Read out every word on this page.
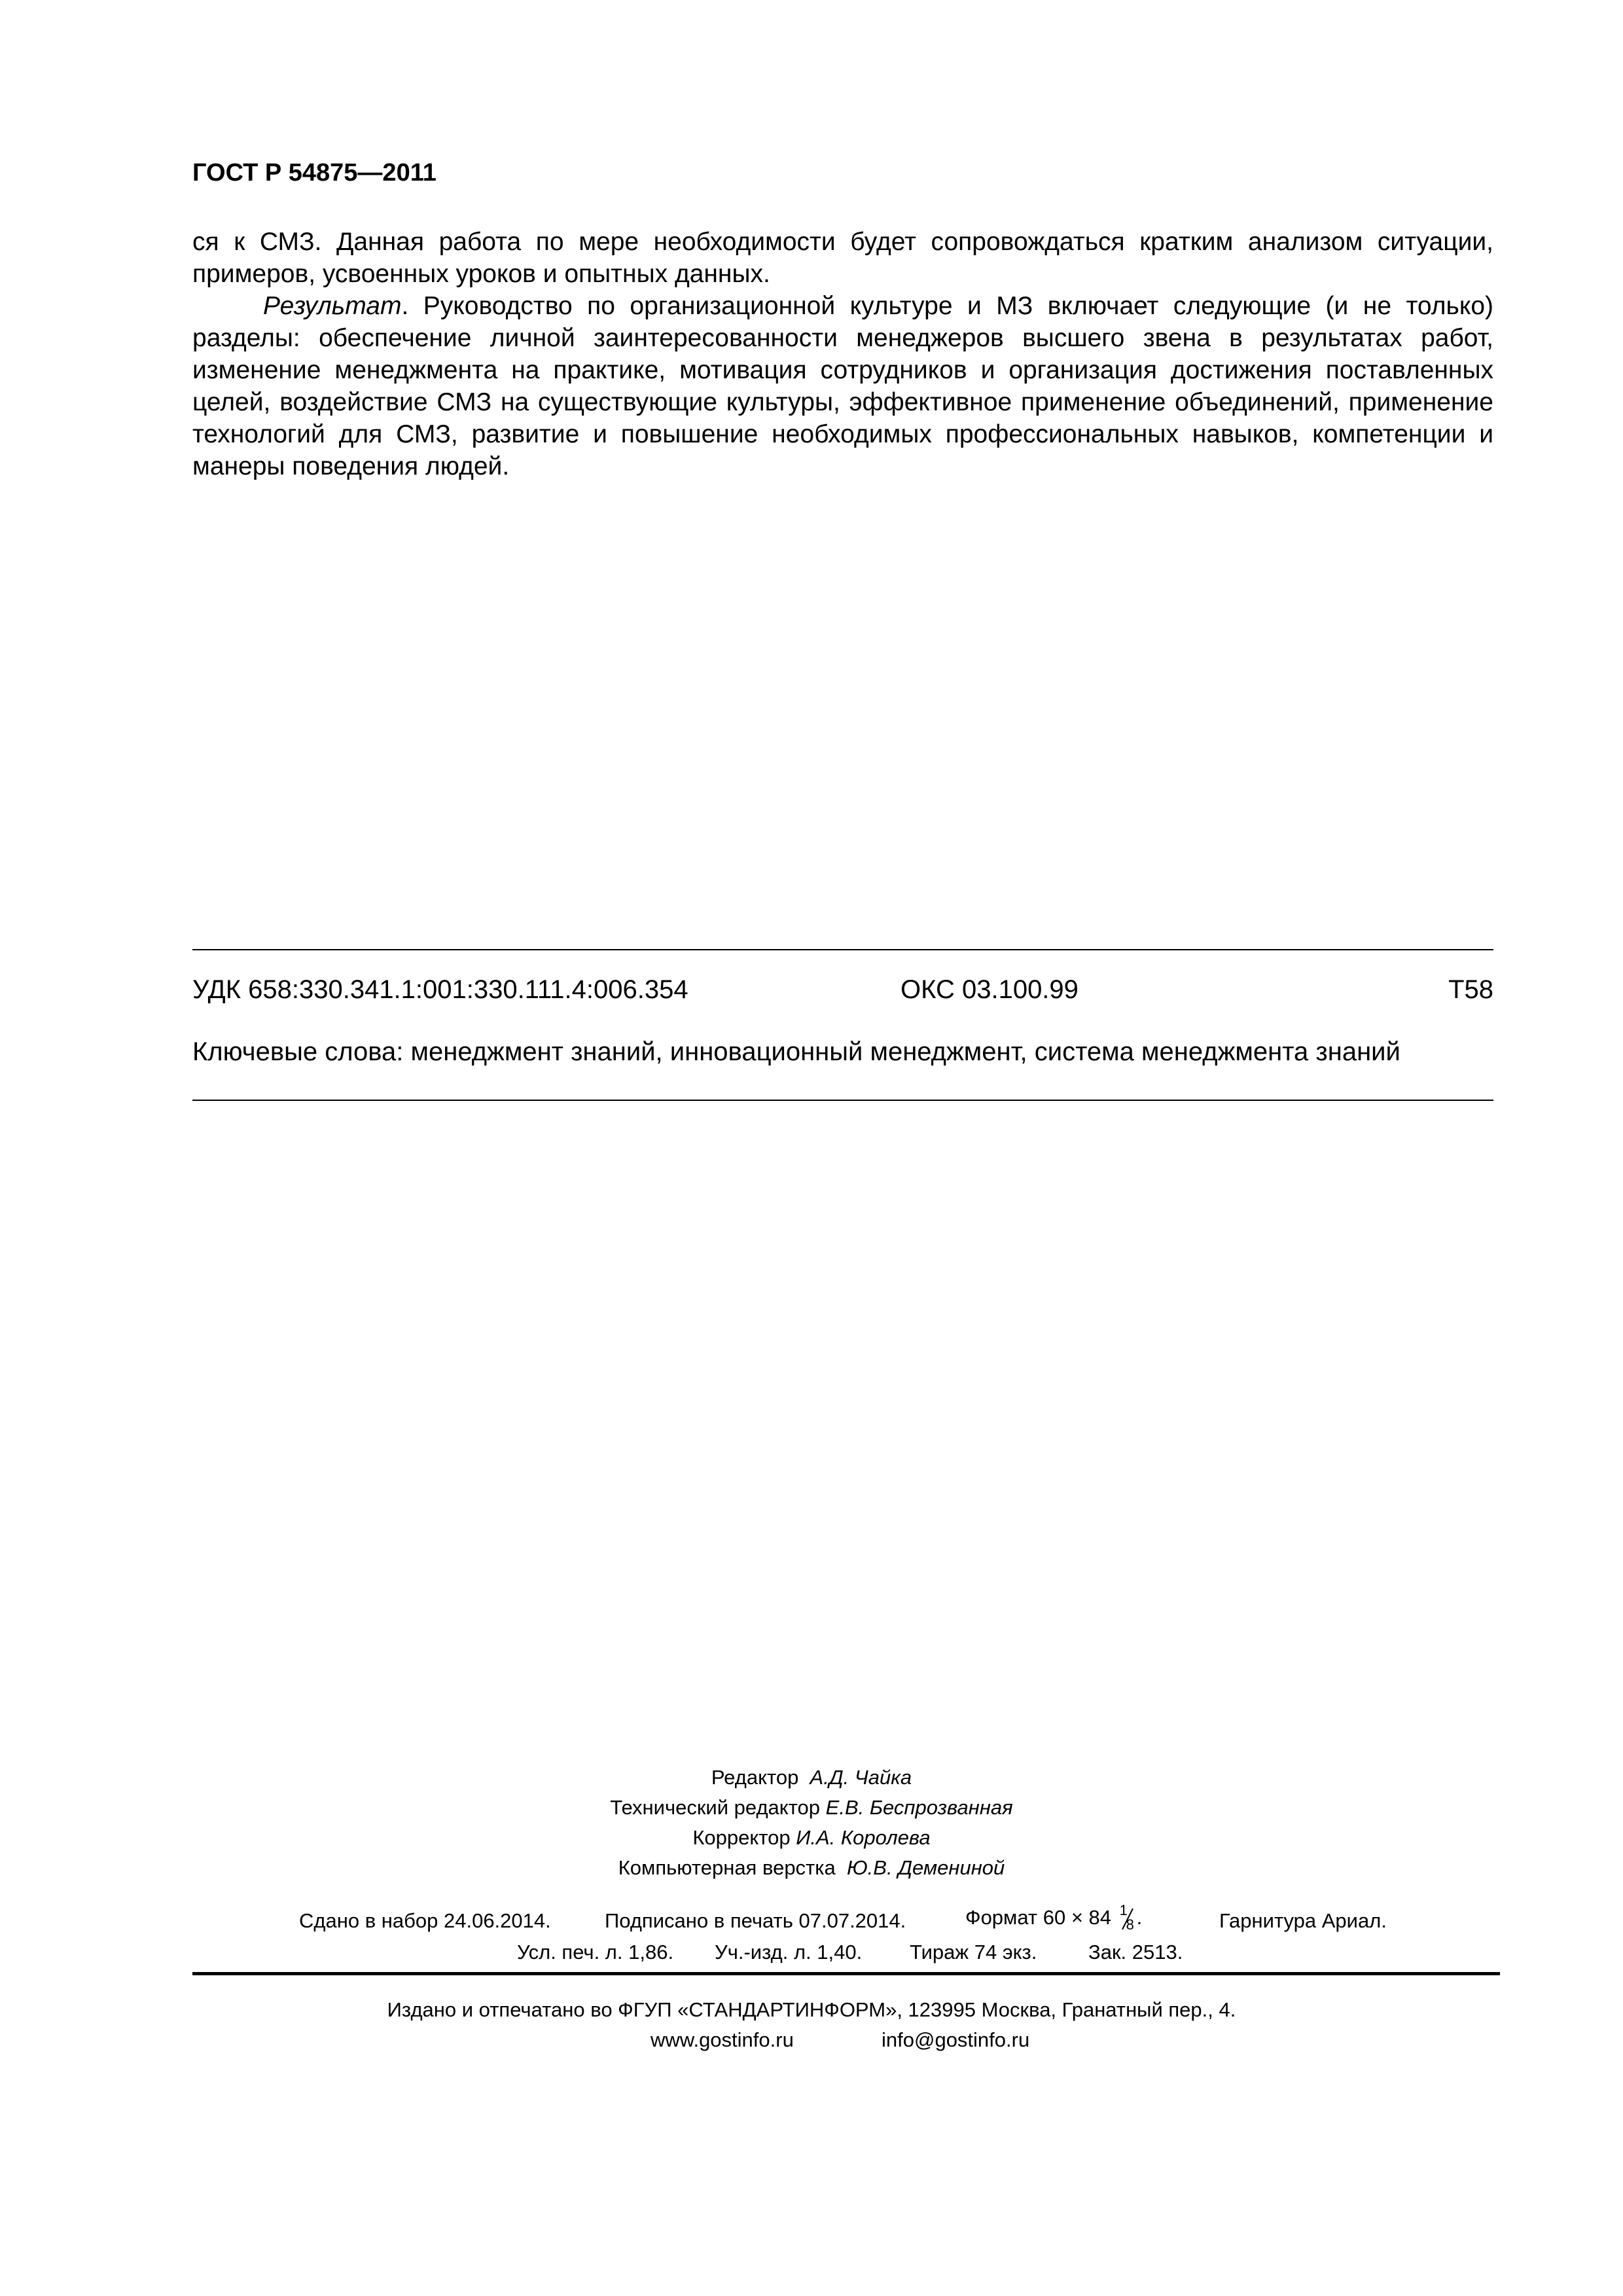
ГОСТ Р 54875—2011

ся к СМЗ. Данная работа по мере необходимости будет сопровождаться кратким анализом ситуации, примеров, усвоенных уроков и опытных данных.

Результат. Руководство по организационной культуре и МЗ включает следующие (и не только) разделы: обеспечение личной заинтересованности менеджеров высшего звена в результатах работ, изменение менеджмента на практике, мотивация сотрудников и организация достижения поставленных целей, воздействие СМЗ на существующие культуры, эффективное применение объединений, применение технологий для СМЗ, развитие и повышение необходимых профессиональных навыков, компетенции и манеры поведения людей.

УДК 658:330.341.1:001:330.111.4:006.354	ОКС 03.100.99	Т58
Ключевые слова: менеджмент знаний, инновационный менеджмент, система менеджмента знаний

Редактор А.Д. Чайка

Технический редактор Е.В. Беспрозванная

Корректор И.А. Королева

Компьютерная верстка Ю.В. Демениной

Сдано в набор 24.06.2014.	Подписано в печать 07.07.2014.	Формат 60 × 84 1
8 .	Гарнитура Ариал.
Усл. печ. л. 1,86. Уч.-изд. л. 1,40. Тираж 74 экз.	Зак. 2513.
Издано и отпечатано во ФГУП «СТАНДАРТИНФОРМ», 123995 Москва, Гранатный пер., 4.
www.gostinfo.ru	info@gostinfo.ru
